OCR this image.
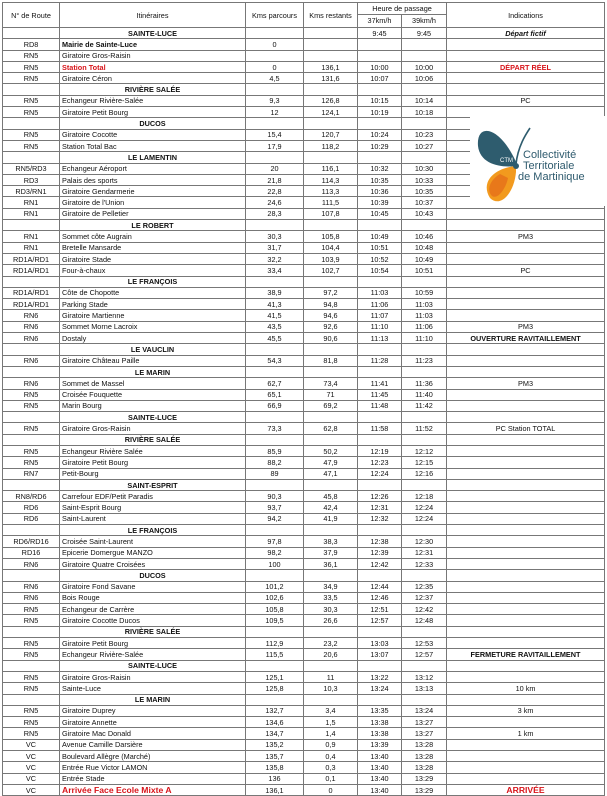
N° de Route	Itinéraires	Kms parcours	Kms restants	Heure de passage		Indications
				37km/h	39km/h	
	SAINTE-LUCE			9:45	9:45	Départ fictif
RD8	Mairie de Sainte-Luce	0				
RN5	Giratoire Gros-Raisin					
RN5	Station Total	0	136,1	10:00	10:00	DÉPART RÉEL
RN5	Giratoire Céron	4,5	131,6	10:07	10:06	
	RIVIÈRE SALÉE					
RN5	Echangeur Rivière-Salée	9,3	126,8	10:15	10:14	PC
RN5	Giratoire Petit Bourg	12	124,1	10:19	10:18	
	DUCOS					
RN5	Giratoire Cocotte	15,4	120,7	10:24	10:23	
RN5	Station Total Bac	17,9	118,2	10:29	10:27	
	LE LAMENTIN					
RN5/RD3	Echangeur Aéroport	20	116,1	10:32	10:30	
RD3	Palais des sports	21,8	114,3	10:35	10:33	
RD3/RN1	Giratoire Gendarmerie	22,8	113,3	10:36	10:35	
RN1	Giratoire de l'Union	24,6	111,5	10:39	10:37	
RN1	Giratoire de Pelletier	28,3	107,8	10:45	10:43	
	LE ROBERT					
RN1	Sommet côte Augrain	30,3	105,8	10:49	10:46	PM3
RN1	Bretelle Mansarde	31,7	104,4	10:51	10:48	
RD1A/RD1	Giratoire Stade	32,2	103,9	10:52	10:49	
RD1A/RD1	Four-à-chaux	33,4	102,7	10:54	10:51	PC
	LE FRANÇOIS					
RD1A/RD1	Côte de Chopotte	38,9	97,2	11:03	10:59	
RD1A/RD1	Parking Stade	41,3	94,8	11:06	11:03	
RN6	Giratoire Martienne	41,5	94,6	11:07	11:03	
RN6	Sommet Morne Lacroix	43,5	92,6	11:10	11:06	PM3
RN6	Dostaly	45,5	90,6	11:13	11:10	OUVERTURE RAVITAILLEMENT
	LE VAUCLIN					
RN6	Giratoire Château Paille	54,3	81,8	11:28	11:23	
	LE MARIN					
RN6	Sommet de Massel	62,7	73,4	11:41	11:36	PM3
RN5	Croisée Fouquette	65,1	71	11:45	11:40	
RN5	Marin Bourg	66,9	69,2	11:48	11:42	
	SAINTE-LUCE					
RN5	Giratoire Gros-Raisin	73,3	62,8	11:58	11:52	PC Station TOTAL
	RIVIÈRE SALÉE					
RN5	Echangeur Rivière Salée	85,9	50,2	12:19	12:12	
RN5	Giratoire Petit Bourg	88,2	47,9	12:23	12:15	
RN7	Petit-Bourg	89	47,1	12:24	12:16	
	SAINT-ESPRIT					
RN8/RD6	Carrefour EDF/Petit Paradis	90,3	45,8	12:26	12:18	
RD6	Saint-Esprit Bourg	93,7	42,4	12:31	12:24	
RD6	Saint-Laurent	94,2	41,9	12:32	12:24	
	LE FRANÇOIS					
RD6/RD16	Croisée Saint-Laurent	97,8	38,3	12:38	12:30	
RD16	Epicerie Domergue MANZO	98,2	37,9	12:39	12:31	
RN6	Giratoire Quatre Croisées	100	36,1	12:42	12:33	
	DUCOS					
RN6	Giratoire Fond Savane	101,2	34,9	12:44	12:35	
RN6	Bois Rouge	102,6	33,5	12:46	12:37	
RN5	Echangeur de Carrère	105,8	30,3	12:51	12:42	
RN5	Giratoire Cocotte Ducos	109,5	26,6	12:57	12:48	
	RIVIÈRE SALÉE					
RN5	Giratoire Petit Bourg	112,9	23,2	13:03	12:53	
RN5	Echangeur Rivière-Salée	115,5	20,6	13:07	12:57	FERMETURE RAVITAILLEMENT
	SAINTE-LUCE					
RN5	Giratoire Gros-Raisin	125,1	11	13:22	13:12	
RN5	Sainte-Luce	125,8	10,3	13:24	13:13	10 km
	LE MARIN					
RN5	Giratoire Duprey	132,7	3,4	13:35	13:24	3 km
RN5	Giratoire Annette	134,6	1,5	13:38	13:27	
RN5	Giratoire Mac Donald	134,7	1,4	13:38	13:27	1 km
VC	Avenue Camille Darsière	135,2	0,9	13:39	13:28	
VC	Boulevard Allègre (Marché)	135,7	0,4	13:40	13:28	
VC	Entrée Rue Victor LAMON	135,8	0,3	13:40	13:28	
VC	Entrée Stade	136	0,1	13:40	13:29	
VC	Arrivée Face Ecole Mixte A	136,1	0	13:40	13:29	ARRIVÉE
CTM Collectivité
Territoriale
de Martinique
